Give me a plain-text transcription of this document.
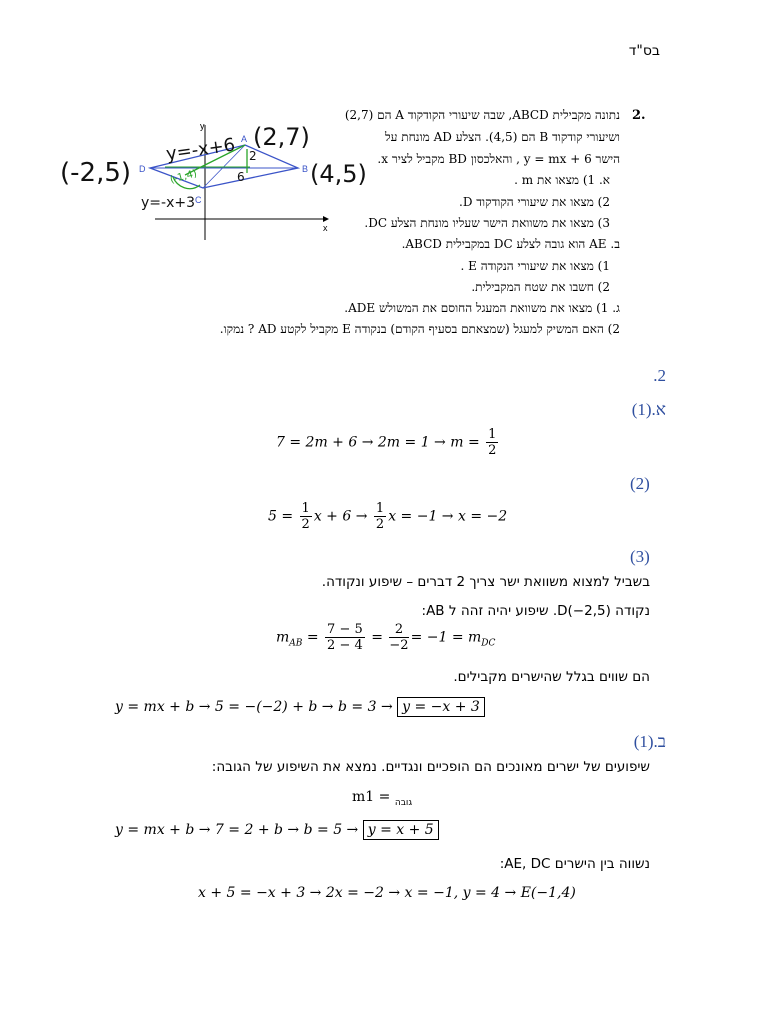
בס"ד
2.
נתונה מקבילית ABCD, שבה שיעורי הקודקוד A הם (2,7)
ושיעורי קודקוד B הם (4,5). הצלע AD מונחת על
הישר y = mx + 6 , והאלכסון BD מקביל לציר x.
א. 1) מצאו את m .
2) מצאו את שיעורי הקודקוד D.
3) מצאו את משוואת הישר שעליו מונחת הצלע DC.
ב. AE הוא גובה לצלע DC במקבילית ABCD.
1) מצאו את שיעורי הנקודה E .
2) חשבו את שטח המקבילית.
ג. 1) מצאו את משוואת המעגל החוסם את המשולש ADE.
2) האם המשיק למעגל (שמצאתם בסעיף הקודם) בנקודה E מקביל לקטע AD ? נמקו.
x
y
A
B
C
D
(2,7)
(4,5)
y=-x+6
y=-x+3
(-1,4)
2
6
(-2,5)
.2
א.(1)
$7 = 2m + 6 \to 2m = 1 \to m = \frac{1}{2}$
(2)
$5 = \frac{1}{2}$ $x + 6 \to \frac{1}{2}$ x = −1 → x = −2
(3)
בשביל למצוא משוואת ישר צריך 2 דברים – שיפוע ונקודה.
נקודה D(−2,5). שיפוע יהיה זהה ל AB:
$m_{AB} = \frac{7 - 5}{2 - 4} = \frac{2}{-2} = -1 = m_{DC}$
הם שווים בגלל שהישרים מקבילים.
y = mx + b → 5 = −(−2) + b → b = 3 → y = −x + 3
ב.(1)
שיפועים של ישרים מאונכים הם הופכיים ונגדיים. נמצא את השיפוע של הגובה:
m	$_{גובה}$ = 1
y = mx + b → 7 = 2 + b → b = 5 → y = x + 5
נשווה בין הישרים AE, DC:
x + 5 = −x + 3 → 2x = −2 → x = −1, y = 4 → E(−1,4)
